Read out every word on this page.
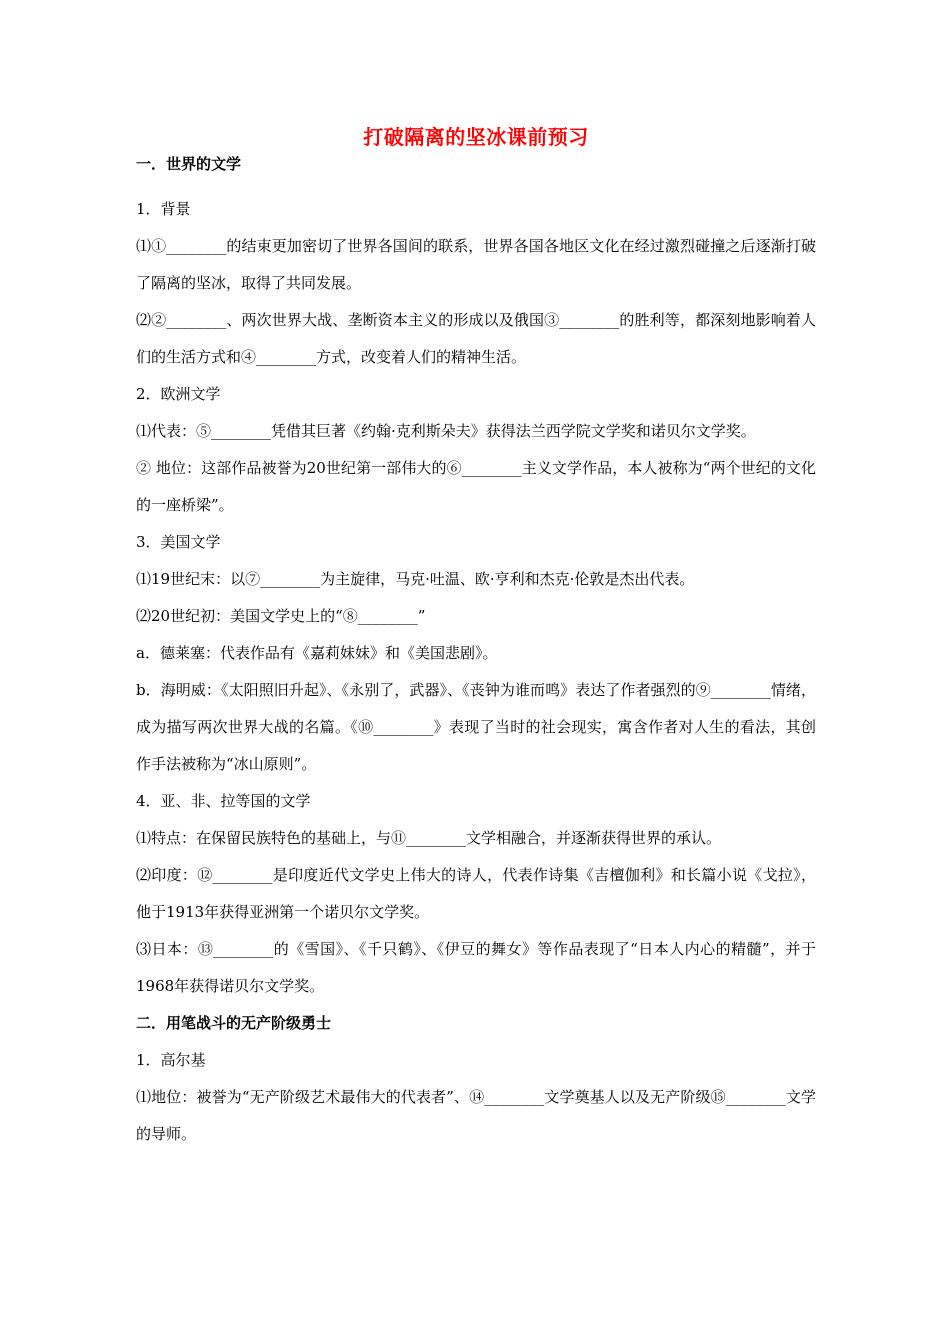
打破隔离的坚冰课前预习
一．世界的文学

1．背景

⑴①________的结束更加密切了世界各国间的联系，世界各国各地区文化在经过激烈碰撞之后逐渐打破了隔离的坚冰，取得了共同发展。

⑵②________、两次世界大战、垄断资本主义的形成以及俄国③________的胜利等，都深刻地影响着人们的生活方式和④________方式，改变着人们的精神生活。

2．欧洲文学

⑴代表：⑤________凭借其巨著《约翰·克利斯朵夫》获得法兰西学院文学奖和诺贝尔文学奖。

② 地位：这部作品被誉为20世纪第一部伟大的⑥________主义文学作品，本人被称为“两个世纪的文化的一座桥梁”。

3．美国文学

⑴19世纪末：以⑦________为主旋律，马克·吐温、欧·亨利和杰克·伦敦是杰出代表。

⑵20世纪初：美国文学史上的“⑧________”

a．德莱塞：代表作品有《嘉莉妹妹》和《美国悲剧》。

b．海明威：《太阳照旧升起》、《永别了，武器》、《丧钟为谁而鸣》表达了作者强烈的⑨________情绪，成为描写两次世界大战的名篇。《⑩________》表现了当时的社会现实，寓含作者对人生的看法，其创作手法被称为“冰山原则”。

4．亚、非、拉等国的文学

⑴特点：在保留民族特色的基础上，与⑪________文学相融合，并逐渐获得世界的承认。

⑵印度：⑫________是印度近代文学史上伟大的诗人，代表作诗集《吉檀伽利》和长篇小说《戈拉》，他于1913年获得亚洲第一个诺贝尔文学奖。

⑶日本：⑬________的《雪国》、《千只鹤》、《伊豆的舞女》等作品表现了“日本人内心的精髓”，并于1968年获得诺贝尔文学奖。

二．用笔战斗的无产阶级勇士

1．高尔基

⑴地位：被誉为“无产阶级艺术最伟大的代表者”、⑭________文学奠基人以及无产阶级⑮________文学的导师。
